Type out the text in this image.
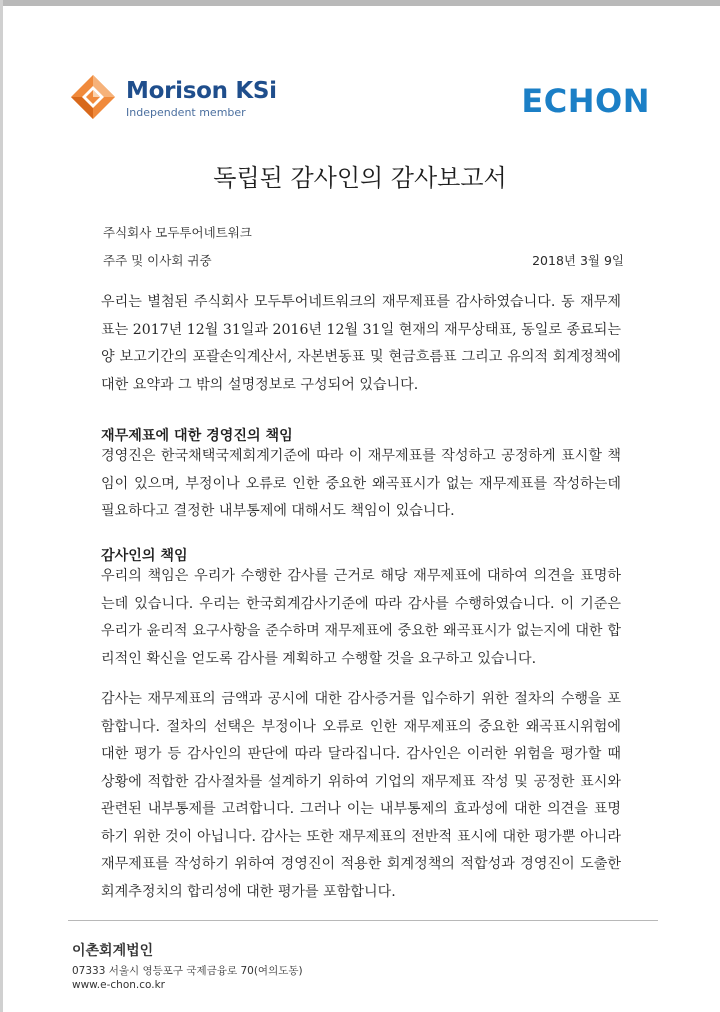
Morison KSi
Independent member	ECHON
독립된 감사인의 감사보고서
주식회사 모두투어네트워크
주주 및 이사회 귀중	2018년 3월 9일

우리는 별첨된 주식회사 모두투어네트워크의 재무제표를 감사하였습니다. 동 재무제표는 2017년 12월 31일과 2016년 12월 31일 현재의 재무상태표, 동일로 종료되는 양 보고기간의 포괄손익계산서, 자본변동표 및 현금흐름표 그리고 유의적 회계정책에 대한 요약과 그 밖의 설명정보로 구성되어 있습니다.

재무제표에 대한 경영진의 책임

경영진은 한국채택국제회계기준에 따라 이 재무제표를 작성하고 공정하게 표시할 책임이 있으며, 부정이나 오류로 인한 중요한 왜곡표시가 없는 재무제표를 작성하는데 필요하다고 결정한 내부통제에 대해서도 책임이 있습니다.

감사인의 책임

우리의 책임은 우리가 수행한 감사를 근거로 해당 재무제표에 대하여 의견을 표명하는데 있습니다. 우리는 한국회계감사기준에 따라 감사를 수행하였습니다. 이 기준은 우리가 윤리적 요구사항을 준수하며 재무제표에 중요한 왜곡표시가 없는지에 대한 합리적인 확신을 얻도록 감사를 계획하고 수행할 것을 요구하고 있습니다.

감사는 재무제표의 금액과 공시에 대한 감사증거를 입수하기 위한 절차의 수행을 포함합니다. 절차의 선택은 부정이나 오류로 인한 재무제표의 중요한 왜곡표시위험에 대한 평가 등 감사인의 판단에 따라 달라집니다. 감사인은 이러한 위험을 평가할 때 상황에 적합한 감사절차를 설계하기 위하여 기업의 재무제표 작성 및 공정한 표시와 관련된 내부통제를 고려합니다. 그러나 이는 내부통제의 효과성에 대한 의견을 표명하기 위한 것이 아닙니다. 감사는 또한 재무제표의 전반적 표시에 대한 평가뿐 아니라 재무제표를 작성하기 위하여 경영진이 적용한 회계정책의 적합성과 경영진이 도출한 회계추정치의 합리성에 대한 평가를 포함합니다.

이촌회계법인
07333 서울시 영등포구 국제금융로 70(여의도동)
www.e-chon.co.kr
